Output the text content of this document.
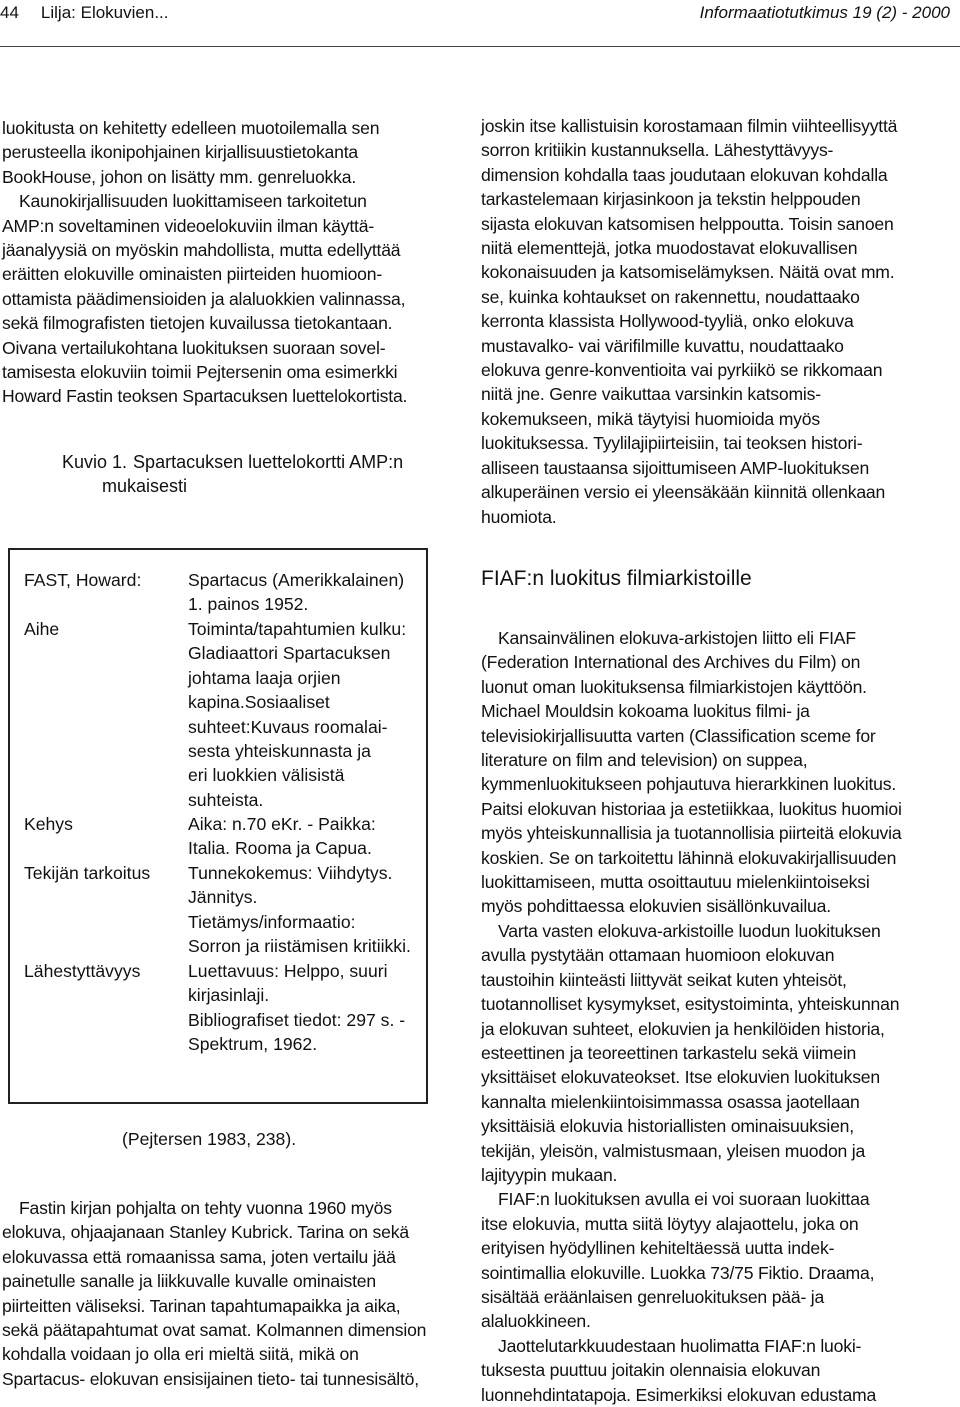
44 Lilja: Elokuvien...	Informaatiotutkimus 19 (2) - 2000
luokitusta on kehitetty edelleen muotoilemalla sen
perusteella ikonipohjainen kirjallisuustietokanta
BookHouse, johon on lisätty mm. genreluokka.
Kaunokirjallisuuden luokittamiseen tarkoitetun
AMP:n soveltaminen videoelokuviin ilman käyttä-
jäanalyysiä on myöskin mahdollista, mutta edellyttää
eräitten elokuville ominaisten piirteiden huomioon-
ottamista päädimensioiden ja alaluokkien valinnassa,
sekä filmografisten tietojen kuvailussa tietokantaan.
Oivana vertailukohtana luokituksen suoraan sovel-
tamisesta elokuviin toimii Pejtersenin oma esimerkki
Howard Fastin teoksen Spartacuksen luettelokortista.
Kuvio 1. Spartacuksen luettelokortti AMP:n
mukaisesti
FAST, Howard:	Spartacus (Amerikkalainen)
1. painos 1952.
Aihe	Toiminta/tapahtumien kulku:
Gladiaattori Spartacuksen
johtama laaja orjien
kapina.Sosiaaliset
suhteet:Kuvaus roomalai-
sesta yhteiskunnasta ja
eri luokkien välisistä
suhteista.
Kehys	Aika: n.70 eKr. - Paikka:
Italia. Rooma ja Capua.
Tekijän tarkoitus	Tunnekokemus: Viihdytys.
Jännitys.
Tietämys/informaatio:
Sorron ja riistämisen kritiikki.
Lähestyttävyys	Luettavuus: Helppo, suuri
kirjasinlaji.
Bibliografiset tiedot: 297 s. -
Spektrum, 1962.
(Pejtersen 1983, 238).
Fastin kirjan pohjalta on tehty vuonna 1960 myös
elokuva, ohjaajanaan Stanley Kubrick. Tarina on sekä
elokuvassa että romaanissa sama, joten vertailu jää
painetulle sanalle ja liikkuvalle kuvalle ominaisten
piirteitten väliseksi. Tarinan tapahtumapaikka ja aika,
sekä päätapahtumat ovat samat. Kolmannen dimension
kohdalla voidaan jo olla eri mieltä siitä, mikä on
Spartacus- elokuvan ensisijainen tieto- tai tunnesisältö,
joskin itse kallistuisin korostamaan filmin viihteellisyyttä
sorron kritiikin kustannuksella. Lähestyttävyys-
dimension kohdalla taas joudutaan elokuvan kohdalla
tarkastelemaan kirjasinkoon ja tekstin helppouden
sijasta elokuvan katsomisen helppoutta. Toisin sanoen
niitä elementtejä, jotka muodostavat elokuvallisen
kokonaisuuden ja katsomiselämyksen. Näitä ovat mm.
se, kuinka kohtaukset on rakennettu, noudattaako
kerronta klassista Hollywood-tyyliä, onko elokuva
mustavalko- vai värifilmille kuvattu, noudattaako
elokuva genre-konventioita vai pyrkiikö se rikkomaan
niitä jne. Genre vaikuttaa varsinkin katsomis-
kokemukseen, mikä täytyisi huomioida myös
luokituksessa. Tyylilajipiirteisiin, tai teoksen histori-
alliseen taustaansa sijoittumiseen AMP-luokituksen
alkuperäinen versio ei yleensäkään kiinnitä ollenkaan
huomiota.
FIAF:n luokitus filmiarkistoille
Kansainvälinen elokuva-arkistojen liitto eli FIAF
(Federation International des Archives du Film) on
luonut oman luokituksensa filmiarkistojen käyttöön.
Michael Mouldsin kokoama luokitus filmi- ja
televisiokirjallisuutta varten (Classification sceme for
literature on film and television) on suppea,
kymmenluokitukseen pohjautuva hierarkkinen luokitus.
Paitsi elokuvan historiaa ja estetiikkaa, luokitus huomioi
myös yhteiskunnallisia ja tuotannollisia piirteitä elokuvia
koskien. Se on tarkoitettu lähinnä elokuvakirjallisuuden
luokittamiseen, mutta osoittautuu mielenkiintoiseksi
myös pohdittaessa elokuvien sisällönkuvailua.
Varta vasten elokuva-arkistoille luodun luokituksen
avulla pystytään ottamaan huomioon elokuvan
taustoihin kiinteästi liittyvät seikat kuten yhteisöt,
tuotannolliset kysymykset, esitystoiminta, yhteiskunnan
ja elokuvan suhteet, elokuvien ja henkilöiden historia,
esteettinen ja teoreettinen tarkastelu sekä viimein
yksittäiset elokuvateokset. Itse elokuvien luokituksen
kannalta mielenkiintoisimmassa osassa jaotellaan
yksittäisiä elokuvia historiallisten ominaisuuksien,
tekijän, yleisön, valmistusmaan, yleisen muodon ja
lajityypin mukaan.
FIAF:n luokituksen avulla ei voi suoraan luokittaa
itse elokuvia, mutta siitä löytyy alajaottelu, joka on
erityisen hyödyllinen kehiteltäessä uutta indek-
sointimallia elokuville. Luokka 73/75 Fiktio. Draama,
sisältää eräänlaisen genreluokituksen pää- ja
alaluokkineen.
Jaottelutarkkuudestaan huolimatta FIAF:n luoki-
tuksesta puuttuu joitakin olennaisia elokuvan
luonnehdintatapoja. Esimerkiksi elokuvan edustama
